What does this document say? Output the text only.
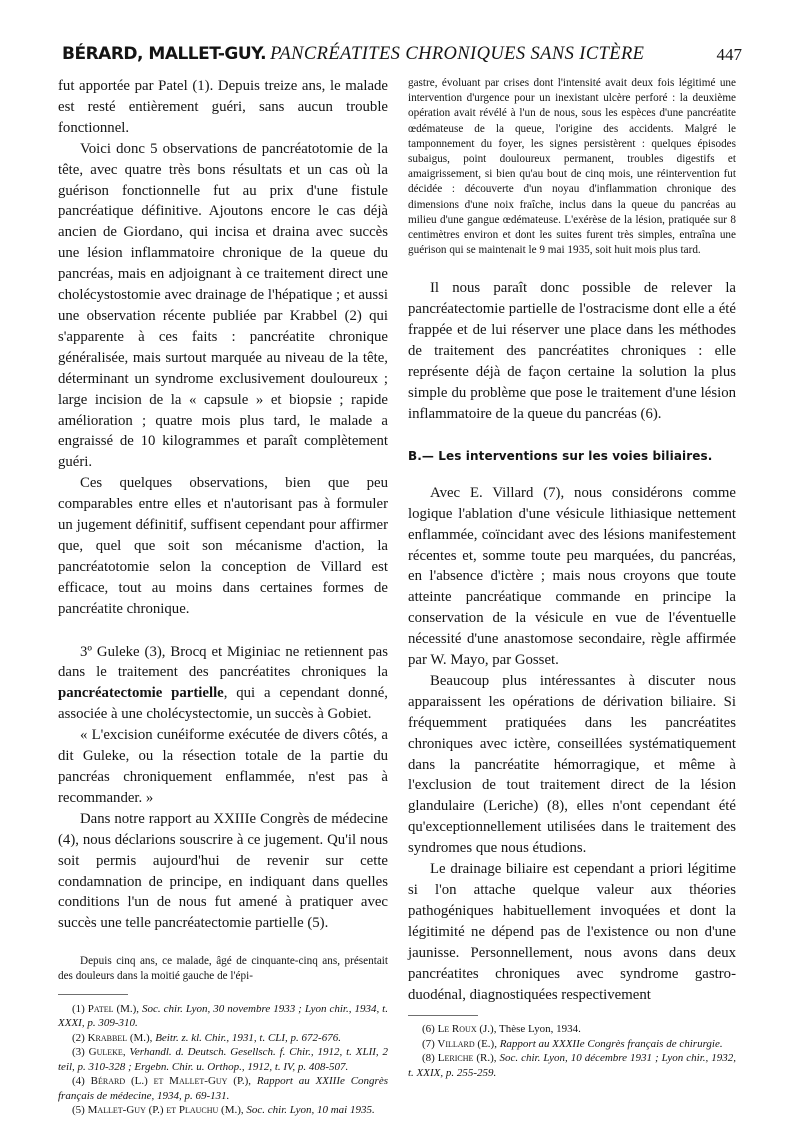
BÉRARD, MALLET-GUY. PANCRÉATITES CHRONIQUES SANS ICTÈRE	447

fut apportée par Patel (1). Depuis treize ans, le malade est resté entièrement guéri, sans aucun trouble fonctionnel.

Voici donc 5 observations de pancréatotomie de la tête, avec quatre très bons résultats et un cas où la guérison fonctionnelle fut au prix d'une fistule pancréatique définitive. Ajoutons encore le cas déjà ancien de Giordano, qui incisa et draina avec succès une lésion inflammatoire chronique de la queue du pancréas, mais en adjoignant à ce traitement direct une cholécystostomie avec drainage de l'hépatique ; et aussi une observation récente publiée par Krabbel (2) qui s'apparente à ces faits : pancréatite chronique généralisée, mais surtout marquée au niveau de la tête, déterminant un syndrome exclusivement douloureux ; large incision de la « capsule » et biopsie ; rapide amélioration ; quatre mois plus tard, le malade a engraissé de 10 kilogrammes et paraît complètement guéri.

Ces quelques observations, bien que peu comparables entre elles et n'autorisant pas à formuler un jugement définitif, suffisent cependant pour affirmer que, quel que soit son mécanisme d'action, la pancréatotomie selon la conception de Villard est efficace, tout au moins dans certaines formes de pancréatite chronique.

3º Guleke (3), Brocq et Miginiac ne retiennent pas dans le traitement des pancréatites chroniques la pancréatectomie partielle, qui a cependant donné, associée à une cholécystectomie, un succès à Gobiet.

« L'excision cunéiforme exécutée de divers côtés, a dit Guleke, ou la résection totale de la partie du pancréas chroniquement enflammée, n'est pas à recommander. »

Dans notre rapport au XXIIIe Congrès de médecine (4), nous déclarions souscrire à ce jugement. Qu'il nous soit permis aujourd'hui de revenir sur cette condamnation de principe, en indiquant dans quelles conditions l'un de nous fut amené à pratiquer avec succès une telle pancréatectomie partielle (5).

Depuis cinq ans, ce malade, âgé de cinquante-cinq ans, présentait des douleurs dans la moitié gauche de l'épi-

(1) Patel (M.), Soc. chir. Lyon, 30 novembre 1933 ; Lyon chir., 1934, t. XXXI, p. 309-310.

(2) Krabbel (M.), Beitr. z. kl. Chir., 1931, t. CLI, p. 672-676.

(3) Guleke, Verhandl. d. Deutsch. Gesellsch. f. Chir., 1912, t. XLII, 2 teil, p. 310-328 ; Ergebn. Chir. u. Orthop., 1912, t. IV, p. 408-507.

(4) Bérard (L.) et Mallet-Guy (P.), Rapport au XXIIIe Congrès français de médecine, 1934, p. 69-131.

(5) Mallet-Guy (P.) et Plauchu (M.), Soc. chir. Lyon, 10 mai 1935.

gastre, évoluant par crises dont l'intensité avait deux fois légitimé une intervention d'urgence pour un inexistant ulcère perforé : la deuxième opération avait révélé à l'un de nous, sous les espèces d'une pancréatite œdémateuse de la queue, l'origine des accidents. Malgré le tamponnement du foyer, les signes persistèrent : quelques épisodes subaigus, point douloureux permanent, troubles digestifs et amaigrissement, si bien qu'au bout de cinq mois, une réintervention fut décidée : découverte d'un noyau d'inflammation chronique des dimensions d'une noix fraîche, inclus dans la queue du pancréas au milieu d'une gangue œdémateuse. L'exérèse de la lésion, pratiquée sur 8 centimètres environ et dont les suites furent très simples, entraîna une guérison qui se maintenait le 9 mai 1935, soit huit mois plus tard.

Il nous paraît donc possible de relever la pancréatectomie partielle de l'ostracisme dont elle a été frappée et de lui réserver une place dans les méthodes de traitement des pancréatites chroniques : elle représente déjà de façon certaine la solution la plus simple du problème que pose le traitement d'une lésion inflammatoire de la queue du pancréas (6).

B.— Les interventions sur les voies biliaires.

Avec E. Villard (7), nous considérons comme logique l'ablation d'une vésicule lithiasique nettement enflammée, coïncidant avec des lésions manifestement récentes et, somme toute peu marquées, du pancréas, en l'absence d'ictère ; mais nous croyons que toute atteinte pancréatique commande en principe la conservation de la vésicule en vue de l'éventuelle nécessité d'une anastomose secondaire, règle affirmée par W. Mayo, par Gosset.

Beaucoup plus intéressantes à discuter nous apparaissent les opérations de dérivation biliaire. Si fréquemment pratiquées dans les pancréatites chroniques avec ictère, conseillées systématiquement dans la pancréatite hémorragique, et même à l'exclusion de tout traitement direct de la lésion glandulaire (Leriche) (8), elles n'ont cependant été qu'exceptionnellement utilisées dans le traitement des syndromes que nous étudions.

Le drainage biliaire est cependant a priori légitime si l'on attache quelque valeur aux théories pathogéniques habituellement invoquées et dont la légitimité ne dépend pas de l'existence ou non d'une jaunisse. Personnellement, nous avons dans deux pancréatites chroniques avec syndrome gastro-duodénal, diagnostiquées respectivement

(6) Le Roux (J.), Thèse Lyon, 1934.

(7) Villard (E.), Rapport au XXXIIe Congrès français de chirurgie.

(8) Leriche (R.), Soc. chir. Lyon, 10 décembre 1931 ; Lyon chir., 1932, t. XXIX, p. 255-259.
